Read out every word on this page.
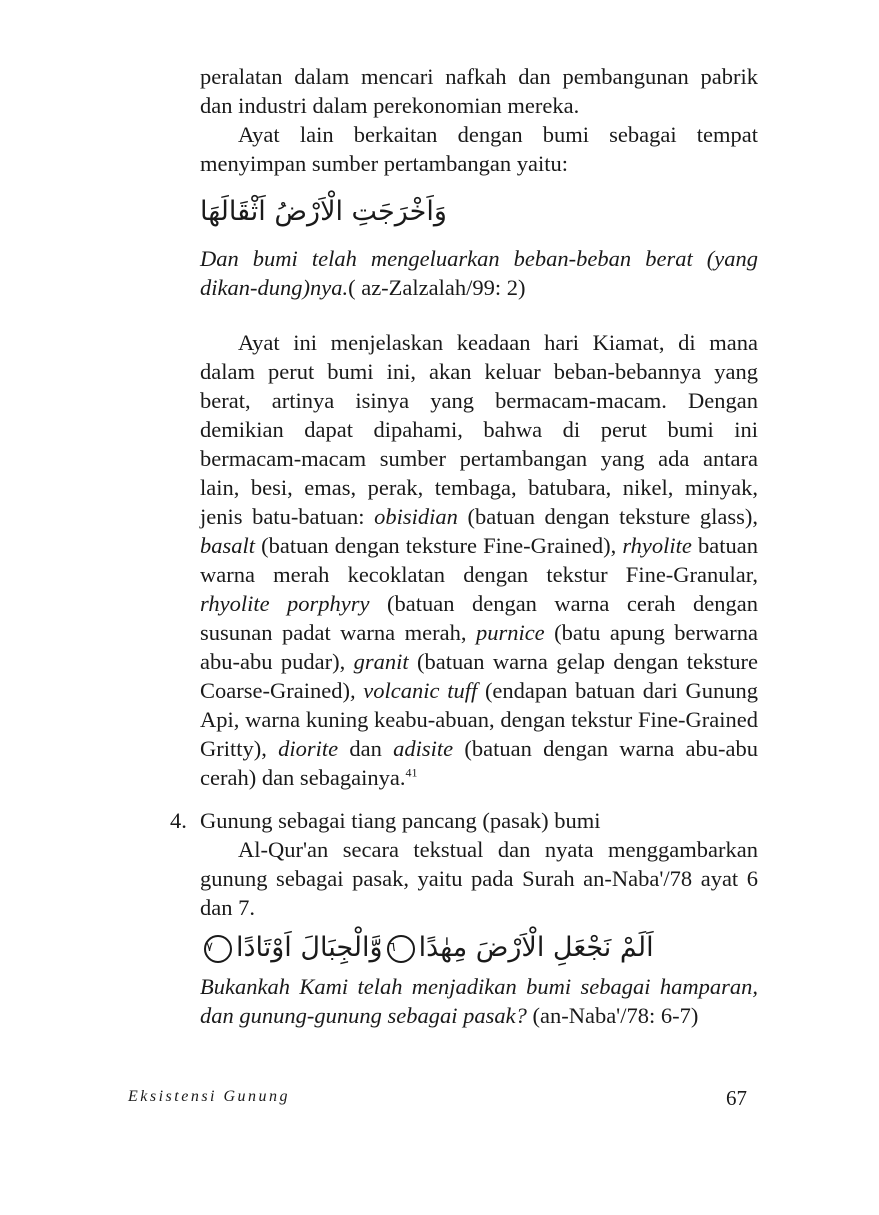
peralatan dalam mencari nafkah dan pembangunan pabrik dan industri dalam perekonomian mereka.

Ayat lain berkaitan dengan bumi sebagai tempat menyimpan sumber pertambangan yaitu:

وَاَخْرَجَتِ الْاَرْضُ اَثْقَالَهَا

Dan bumi telah mengeluarkan beban-beban berat (yang dikan-dung)nya.( az-Zalzalah/99: 2)

Ayat ini menjelaskan keadaan hari Kiamat, di mana dalam perut bumi ini, akan keluar beban-bebannya yang berat, artinya isinya yang bermacam-macam. Dengan demikian dapat dipahami, bahwa di perut bumi ini bermacam-macam sumber pertambangan yang ada antara lain, besi, emas, perak, tembaga, batubara, nikel, minyak, jenis batu-batuan: obisidian (batuan dengan teksture glass), basalt (batuan dengan teksture Fine-Grained), rhyolite batuan warna merah kecoklatan dengan tekstur Fine-Granular, rhyolite porphyry (batuan dengan warna cerah dengan susunan padat warna merah, purnice (batu apung berwarna abu-abu pudar), granit (batuan warna gelap dengan teksture Coarse-Grained), volcanic tuff (endapan batuan dari Gunung Api, warna kuning keabu-abuan, dengan tekstur Fine-Grained Gritty), diorite dan adisite (batuan dengan warna abu-abu cerah) dan sebagainya.$^{41}$

4. Gunung sebagai tiang pancang (pasak) bumi

Al-Qur'an secara tekstual dan nyata menggambarkan gunung sebagai pasak, yaitu pada Surah an-Naba'/78 ayat 6 dan 7.

اَلَمْ نَجْعَلِ الْاَرْضَ مِهٰدًا٦وَّالْجِبَالَ اَوْتَادًا٧

Bukankah Kami telah menjadikan bumi sebagai hamparan, dan gunung-gunung sebagai pasak? (an-Naba'/78: 6-7)

Eksistensi Gunung	67
